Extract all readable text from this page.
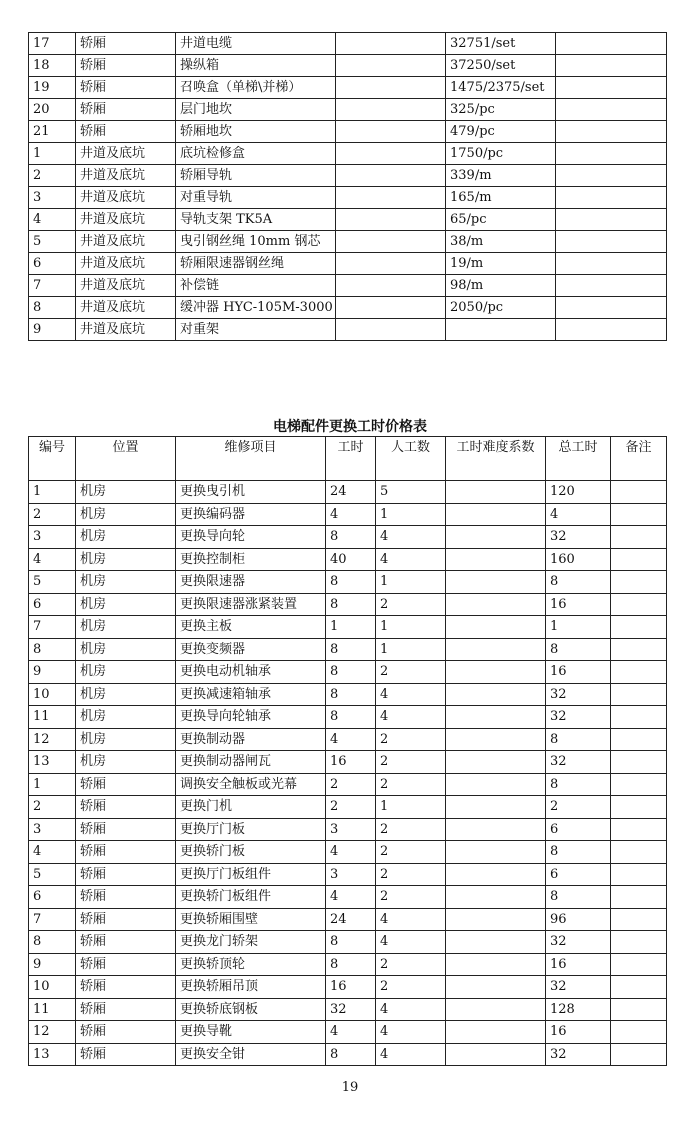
17	轿厢	井道电缆		32751/set	
18	轿厢	操纵箱		37250/set	
19	轿厢	召唤盒（单梯\并梯）		1475/2375/set	
20	轿厢	层门地坎		325/pc	
21	轿厢	轿厢地坎		479/pc	
1	井道及底坑	底坑检修盒		1750/pc	
2	井道及底坑	轿厢导轨		339/m	
3	井道及底坑	对重导轨		165/m	
4	井道及底坑	导轨支架 TK5A		65/pc	
5	井道及底坑	曳引钢丝绳 10mm 钢芯		38/m	
6	井道及底坑	轿厢限速器钢丝绳		19/m	
7	井道及底坑	补偿链		98/m	
8	井道及底坑	缓冲器 HYC-105M-3000		2050/pc	
9	井道及底坑	对重架			
电梯配件更换工时价格表
编号	位置	维修项目	工时	人工数	工时难度系数	总工时	备注
1	机房	更换曳引机	24	5		120	
2	机房	更换编码器	4	1		4	
3	机房	更换导向轮	8	4		32	
4	机房	更换控制柜	40	4		160	
5	机房	更换限速器	8	1		8	
6	机房	更换限速器涨紧装置	8	2		16	
7	机房	更换主板	1	1		1	
8	机房	更换变频器	8	1		8	
9	机房	更换电动机轴承	8	2		16	
10	机房	更换减速箱轴承	8	4		32	
11	机房	更换导向轮轴承	8	4		32	
12	机房	更换制动器	4	2		8	
13	机房	更换制动器闸瓦	16	2		32	
1	轿厢	调换安全触板或光幕	2	2		8	
2	轿厢	更换门机	2	1		2	
3	轿厢	更换厅门板	3	2		6	
4	轿厢	更换轿门板	4	2		8	
5	轿厢	更换厅门板组件	3	2		6	
6	轿厢	更换轿门板组件	4	2		8	
7	轿厢	更换轿厢围壁	24	4		96	
8	轿厢	更换龙门轿架	8	4		32	
9	轿厢	更换轿顶轮	8	2		16	
10	轿厢	更换轿厢吊顶	16	2		32	
11	轿厢	更换轿底钢板	32	4		128	
12	轿厢	更换导靴	4	4		16	
13	轿厢	更换安全钳	8	4		32	
19
